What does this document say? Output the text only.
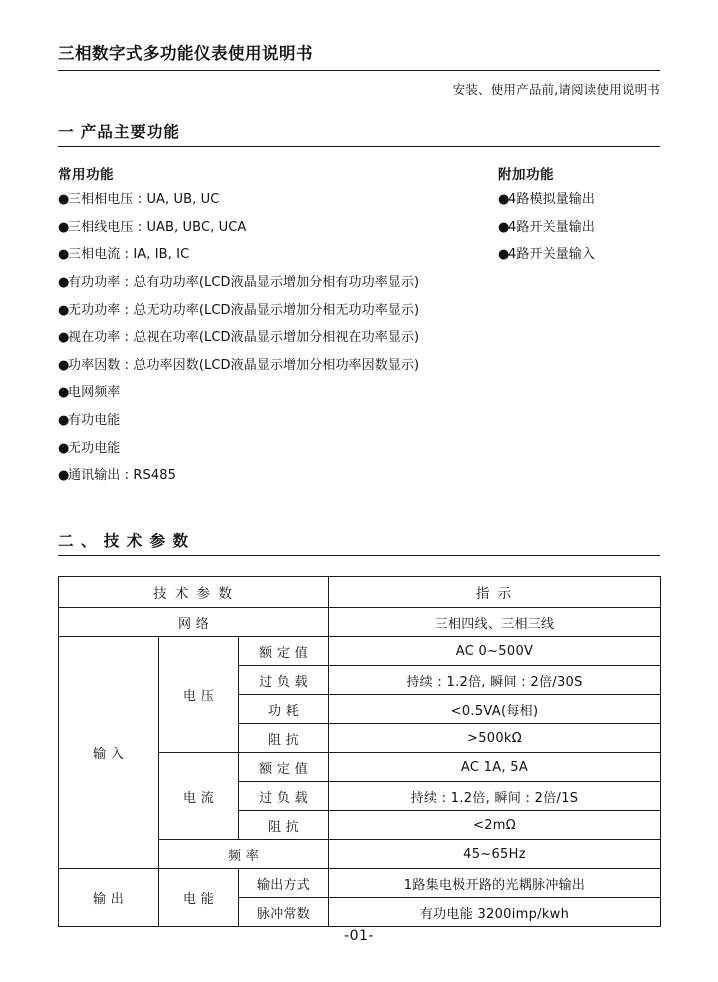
三相数字式多功能仪表使用说明书
安装、使用产品前,请阅读使用说明书
一 产品主要功能
常用功能	附加功能
●三相相电压 : UA, UB, UC
●三相线电压 : UAB, UBC, UCA
●三相电流 : IA, IB, IC
●有功功率 : 总有功功率(LCD液晶显示增加分相有功功率显示)
●无功功率 : 总无功功率(LCD液晶显示增加分相无功功率显示)
●视在功率 : 总视在功率(LCD液晶显示增加分相视在功率显示)
●功率因数 : 总功率因数(LCD液晶显示增加分相功率因数显示)
●电网频率
●有功电能
●无功电能
●通讯输出 : RS485
●4路模拟量输出
●4路开关量输出
●4路开关量输入
二 、 技 术 参 数
技 术 参 数			指 示
网 络			三相四线、三相三线
输 入	电 压	额 定 值	AC 0~500V
		过 负 载	持续 : 1.2倍, 瞬间 : 2倍/30S
		功 耗	<0.5VA(每相)
		阻 抗	>500kΩ
	电 流	额 定 值	AC 1A, 5A
		过 负 载	持续 : 1.2倍, 瞬间 : 2倍/1S
		阻 抗	<2mΩ
	频 率		45~65Hz
输 出	电 能	输出方式	1路集电极开路的光耦脉冲输出
		脉冲常数	有功电能 3200imp/kwh
-01-
